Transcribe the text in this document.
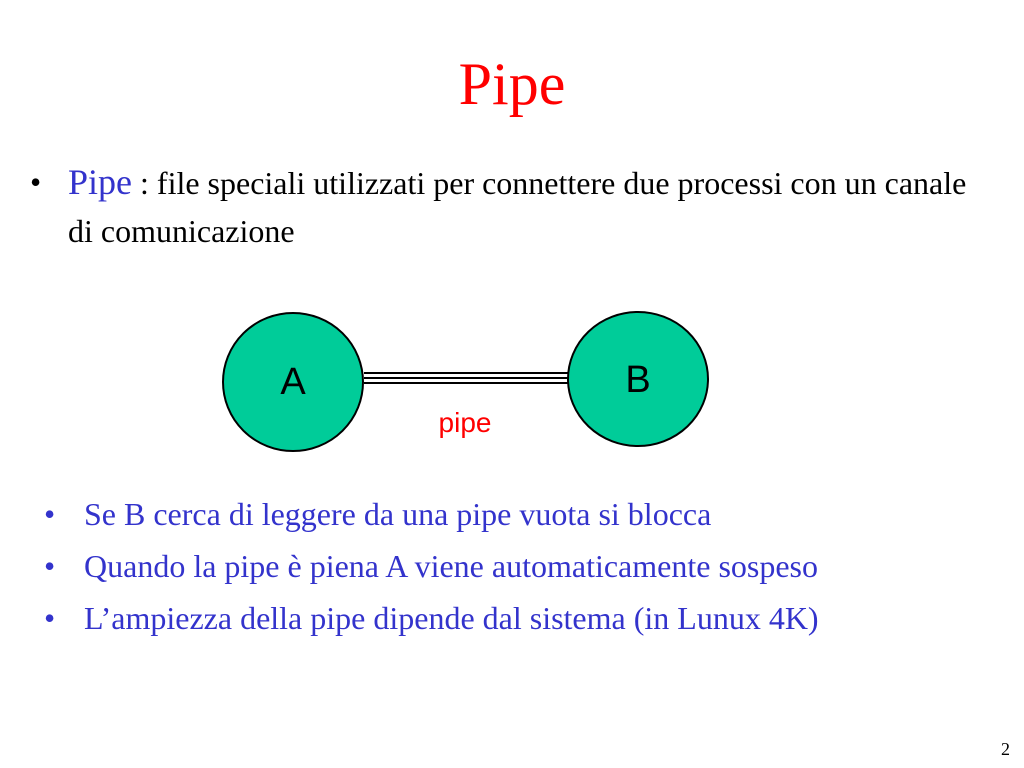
Pipe
• Pipe : file speciali utilizzati per connettere due processi con un canale di comunicazione
A	B
pipe
• Se B cerca di leggere da una pipe vuota si blocca
• Quando la pipe è piena A viene automaticamente sospeso
• L’ampiezza della pipe dipende dal sistema (in Lunux 4K)
2
